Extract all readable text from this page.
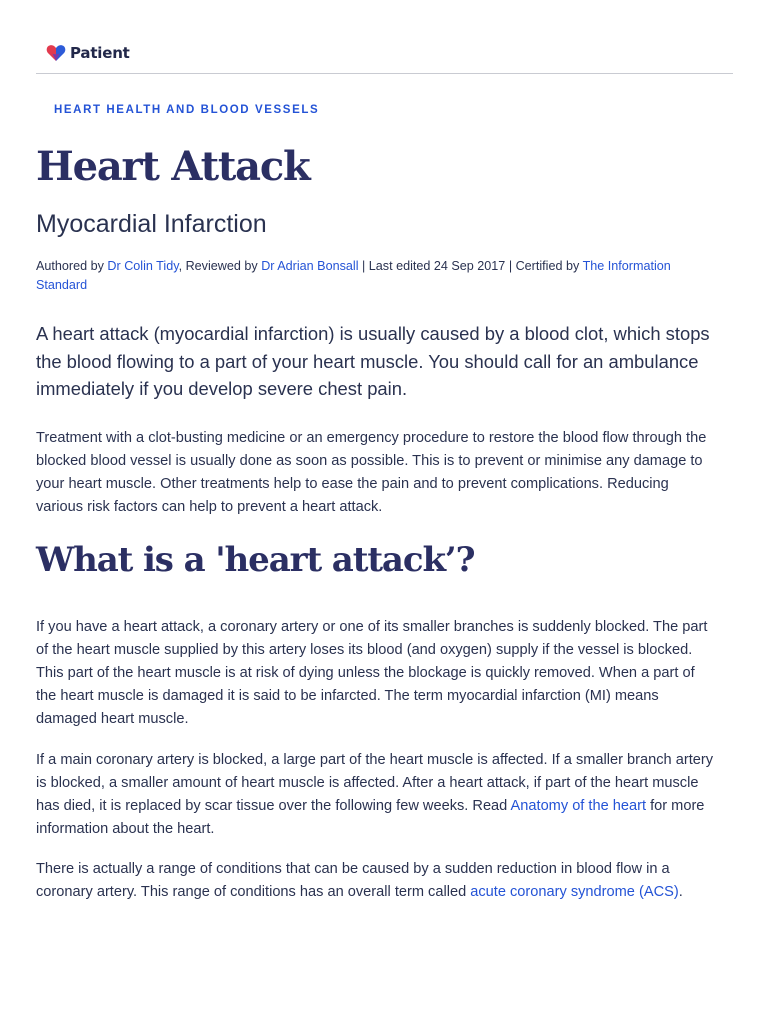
Patient
HEART HEALTH AND BLOOD VESSELS
Heart Attack
Myocardial Infarction
Authored by Dr Colin Tidy, Reviewed by Dr Adrian Bonsall | Last edited 24 Sep 2017 | Certified by The Information Standard

A heart attack (myocardial infarction) is usually caused by a blood clot, which stops the blood flowing to a part of your heart muscle. You should call for an ambulance immediately if you develop severe chest pain.

Treatment with a clot-busting medicine or an emergency procedure to restore the blood flow through the blocked blood vessel is usually done as soon as possible. This is to prevent or minimise any damage to your heart muscle. Other treatments help to ease the pain and to prevent complications. Reducing various risk factors can help to prevent a heart attack.

What is a 'heart attack’?

If you have a heart attack, a coronary artery or one of its smaller branches is suddenly blocked. The part of the heart muscle supplied by this artery loses its blood (and oxygen) supply if the vessel is blocked. This part of the heart muscle is at risk of dying unless the blockage is quickly removed. When a part of the heart muscle is damaged it is said to be infarcted. The term myocardial infarction (MI) means damaged heart muscle.

If a main coronary artery is blocked, a large part of the heart muscle is affected. If a smaller branch artery is blocked, a smaller amount of heart muscle is affected. After a heart attack, if part of the heart muscle has died, it is replaced by scar tissue over the following few weeks. Read Anatomy of the heart for more information about the heart.

There is actually a range of conditions that can be caused by a sudden reduction in blood flow in a coronary artery. This range of conditions has an overall term called acute coronary syndrome (ACS).
